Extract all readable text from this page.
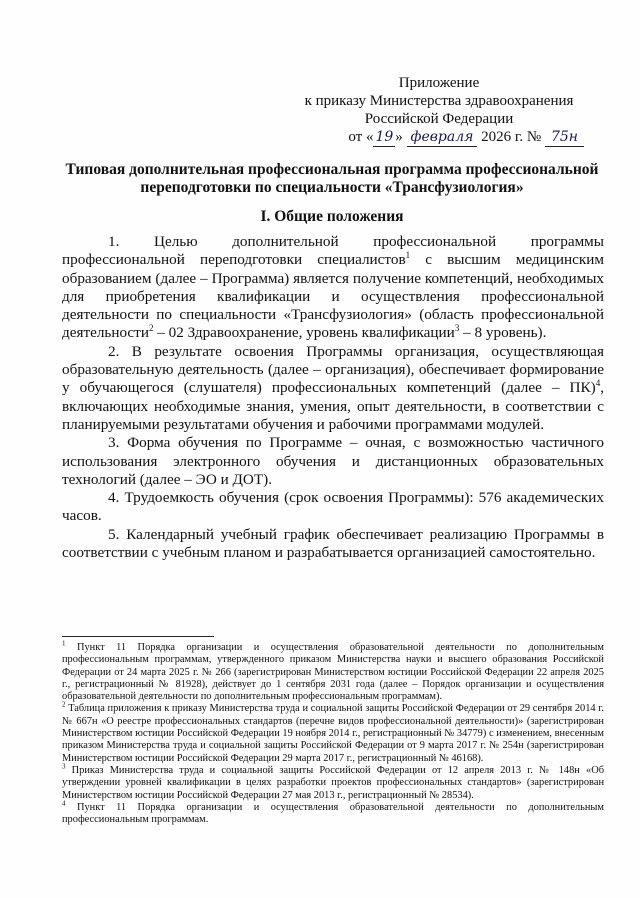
Приложение
к приказу Министерства здравоохранения
Российской Федерации
от « 19 » февраля 2026 г. № 75н
Типовая дополнительная профессиональная программа профессиональной переподготовки по специальности «Трансфузиология»
I. Общие положения

1. Целью дополнительной профессиональной программы профессиональной переподготовки специалистов$^1$ с высшим медицинским образованием (далее – Программа) является получение компетенций, необходимых для приобретения квалификации и осуществления профессиональной деятельности по специальности «Трансфузиология» (область профессиональной деятельности$^2$ – 02 Здравоохранение, уровень квалификации$^3$ – 8 уровень).

2. В результате освоения Программы организация, осуществляющая образовательную деятельность (далее – организация), обеспечивает формирование у обучающегося (слушателя) профессиональных компетенций (далее – ПК)$^4$, включающих необходимые знания, умения, опыт деятельности, в соответствии с планируемыми результатами обучения и рабочими программами модулей.

3. Форма обучения по Программе – очная, с возможностью частичного использования электронного обучения и дистанционных образовательных технологий (далее – ЭО и ДОТ).

4. Трудоемкость обучения (срок освоения Программы): 576 академических часов.

5. Календарный учебный график обеспечивает реализацию Программы в соответствии с учебным планом и разрабатывается организацией самостоятельно.

$^1$ Пункт 11 Порядка организации и осуществления образовательной деятельности по дополнительным профессиональным программам, утвержденного приказом Министерства науки и высшего образования Российской Федерации от 24 марта 2025 г. № 266 (зарегистрирован Министерством юстиции Российской Федерации 22 апреля 2025 г., регистрационный № 81928), действует до 1 сентября 2031 года (далее – Порядок организации и осуществления образовательной деятельности по дополнительным профессиональным программам).

$^2$ Таблица приложения к приказу Министерства труда и социальной защиты Российской Федерации от 29 сентября 2014 г. № 667н «О реестре профессиональных стандартов (перечне видов профессиональной деятельности)» (зарегистрирован Министерством юстиции Российской Федерации 19 ноября 2014 г., регистрационный № 34779) с изменением, внесенным приказом Министерства труда и социальной защиты Российской Федерации от 9 марта 2017 г. № 254н (зарегистрирован Министерством юстиции Российской Федерации 29 марта 2017 г., регистрационный № 46168).

$^3$ Приказ Министерства труда и социальной защиты Российской Федерации от 12 апреля 2013 г. № 148н «Об утверждении уровней квалификации в целях разработки проектов профессиональных стандартов» (зарегистрирован Министерством юстиции Российской Федерации 27 мая 2013 г., регистрационный № 28534).

$^4$ Пункт 11 Порядка организации и осуществления образовательной деятельности по дополнительным профессиональным программам.
